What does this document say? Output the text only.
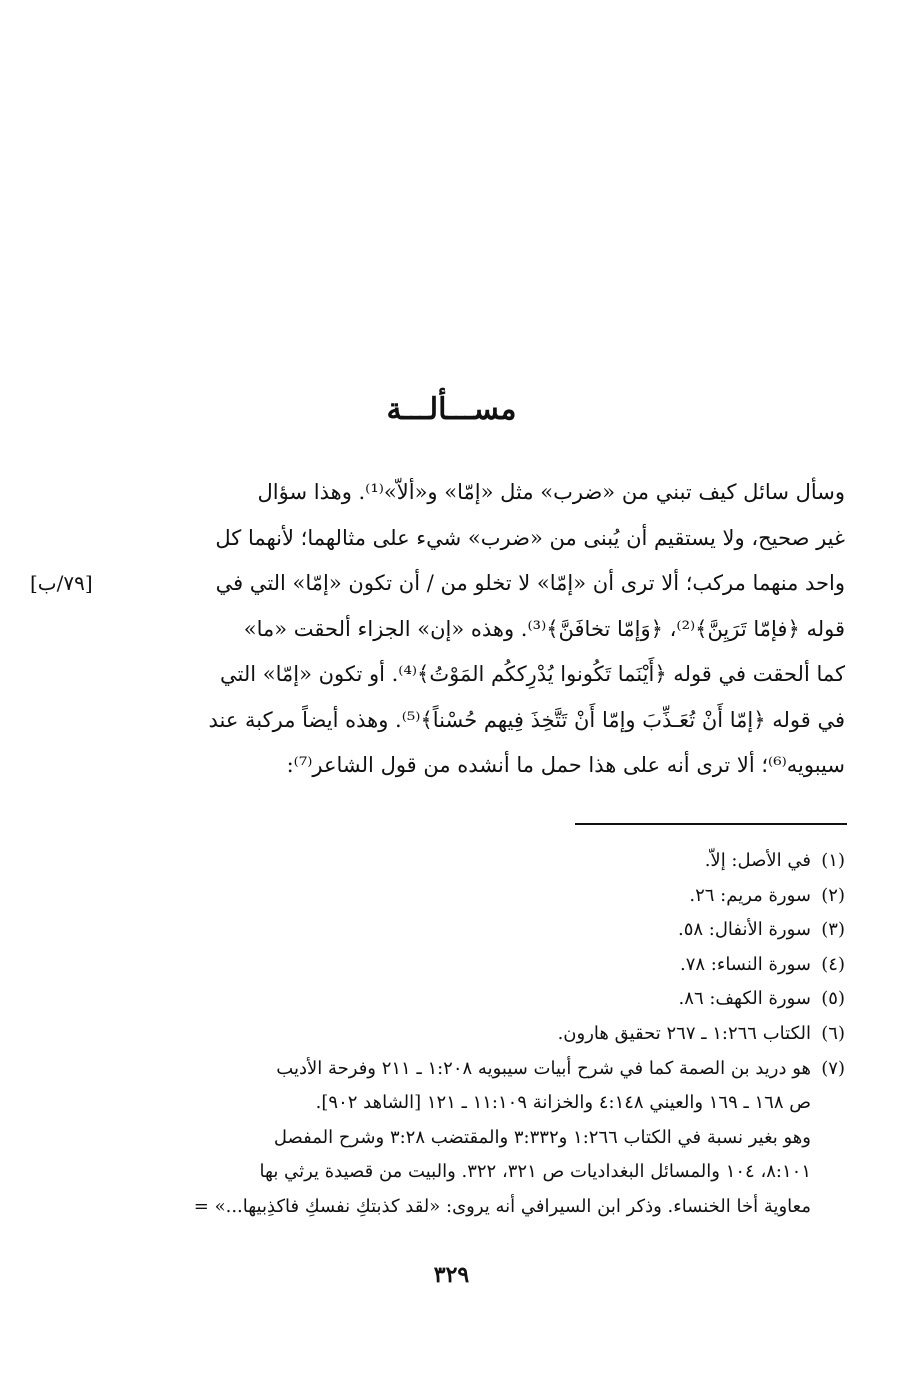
مســـألـــة
[٧٩/ب]
وسأل سائل كيف تبني من «ضرب» مثل «إمّا» و«ألاّ»⁽¹⁾. وهذا سؤال
غير صحيح، ولا يستقيم أن يُبنى من «ضرب» شيء على مثالهما؛ لأنهما كل
واحد منهما مركب؛ ألا ترى أن «إمّا» لا تخلو من / أن تكون «إمّا» التي في
قوله ﴿فإمّا تَرَيِنَّ﴾⁽²⁾، ﴿وَإمّا تخافَنَّ﴾⁽³⁾. وهذه «إن» الجزاء ألحقت «ما»
كما ألحقت في قوله ﴿أَيْنَما تَكُونوا يُدْرِككُم المَوْتُ﴾⁽⁴⁾. أو تكون «إمّا» التي
في قوله ﴿إمّا أَنْ تُعَـذِّبَ وإمّا أَنْ تَتَّخِذَ فِيهم حُسْناً﴾⁽⁵⁾. وهذه أيضاً مركبة عند
سيبويه⁽⁶⁾؛ ألا ترى أنه على هذا حمل ما أنشده من قول الشاعر⁽⁷⁾:
(١)في الأصل: إلاّ.
(٢)سورة مريم: ٢٦.
(٣)سورة الأنفال: ٥٨.
(٤)سورة النساء: ٧٨.
(٥)سورة الكهف: ٨٦.
(٦)الكتاب ١:٢٦٦ ـ ٢٦٧ تحقيق هارون.
(٧)هو دريد بن الصمة كما في شرح أبيات سيبويه ١:٢٠٨ ـ ٢١١ وفرحة الأديب
ص ١٦٨ ـ ١٦٩ والعيني ٤:١٤٨ والخزانة ١١:١٠٩ ـ ١٢١ [الشاهد ٩٠٢].
وهو بغير نسبة في الكتاب ١:٢٦٦ و٣:٣٣٢ والمقتضب ٣:٢٨ وشرح المفصل
٨:١٠١، ١٠٤ والمسائل البغداديات ص ٣٢١، ٣٢٢. والبيت من قصيدة يرثي بها
معاوية أخا الخنساء. وذكر ابن السيرافي أنه يروى: «لقد كذبتكِ نفسكِ فاكذِبيها...» =
٣٢٩
